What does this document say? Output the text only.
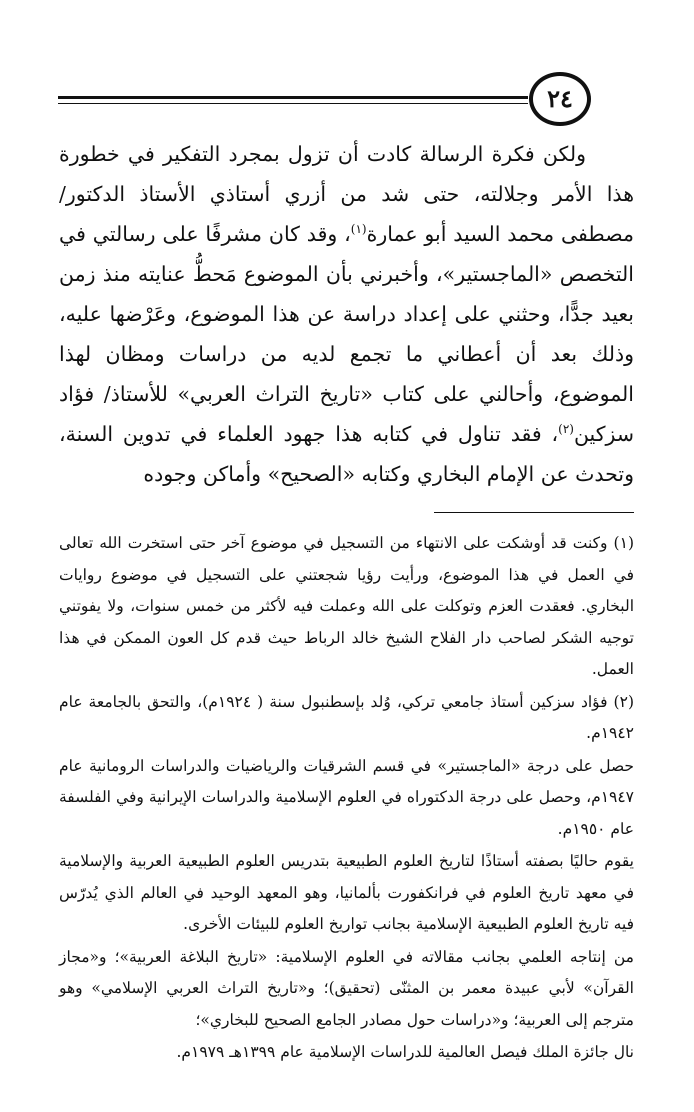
٢٤

ولكن فكرة الرسالة كادت أن تزول بمجرد التفكير في خطورة هذا الأمر وجلالته، حتى شد من أزري أستاذي الأستاذ الدكتور/ مصطفى محمد السيد أبو عمارة$^{(١)}$، وقد كان مشرفًا على رسالتي في التخصص «الماجستير»، وأخبرني بأن الموضوع مَحطُّ عنايته منذ زمن بعيد جدًّا، وحثني على إعداد دراسة عن هذا الموضوع، وعَرْضها عليه، وذلك بعد أن أعطاني ما تجمع لديه من دراسات ومظان لهذا الموضوع، وأحالني على كتاب «تاريخ التراث العربي» للأستاذ/ فؤاد سزكين$^{(٢)}$، فقد تناول في كتابه هذا جهود العلماء في تدوين السنة، وتحدث عن الإمام البخاري وكتابه «الصحيح» وأماكن وجوده

(١) وكنت قد أوشكت على الانتهاء من التسجيل في موضوع آخر حتى استخرت الله تعالى في العمل في هذا الموضوع، ورأيت رؤيا شجعتني على التسجيل في موضوع روايات البخاري. فعقدت العزم وتوكلت على الله وعملت فيه لأكثر من خمس سنوات، ولا يفوتني توجيه الشكر لصاحب دار الفلاح الشيخ خالد الرباط حيث قدم كل العون الممكن في هذا العمل.

(٢) فؤاد سزكين أستاذ جامعي تركي، وُلد بإسطنبول سنة ( ١٩٢٤م)، والتحق بالجامعة عام ١٩٤٢م.

حصل على درجة «الماجستير» في قسم الشرقيات والرياضيات والدراسات الرومانية عام ١٩٤٧م، وحصل على درجة الدكتوراه في العلوم الإسلامية والدراسات الإيرانية وفي الفلسفة عام ١٩٥٠م.

يقوم حاليًا بصفته أستاذًا لتاريخ العلوم الطبيعية بتدريس العلوم الطبيعية العربية والإسلامية في معهد تاريخ العلوم في فرانكفورت بألمانيا، وهو المعهد الوحيد في العالم الذي يُدرّس فيه تاريخ العلوم الطبيعية الإسلامية بجانب تواريخ العلوم للبيئات الأخرى.

من إنتاجه العلمي بجانب مقالاته في العلوم الإسلامية: «تاريخ البلاغة العربية»؛ و«مجاز القرآن» لأبي عبيدة معمر بن المثنّى (تحقيق)؛ و«تاريخ التراث العربي الإسلامي» وهو مترجم إلى العربية؛ و«دراسات حول مصادر الجامع الصحيح للبخاري»؛

نال جائزة الملك فيصل العالمية للدراسات الإسلامية عام ١٣٩٩هـ ١٩٧٩م.
